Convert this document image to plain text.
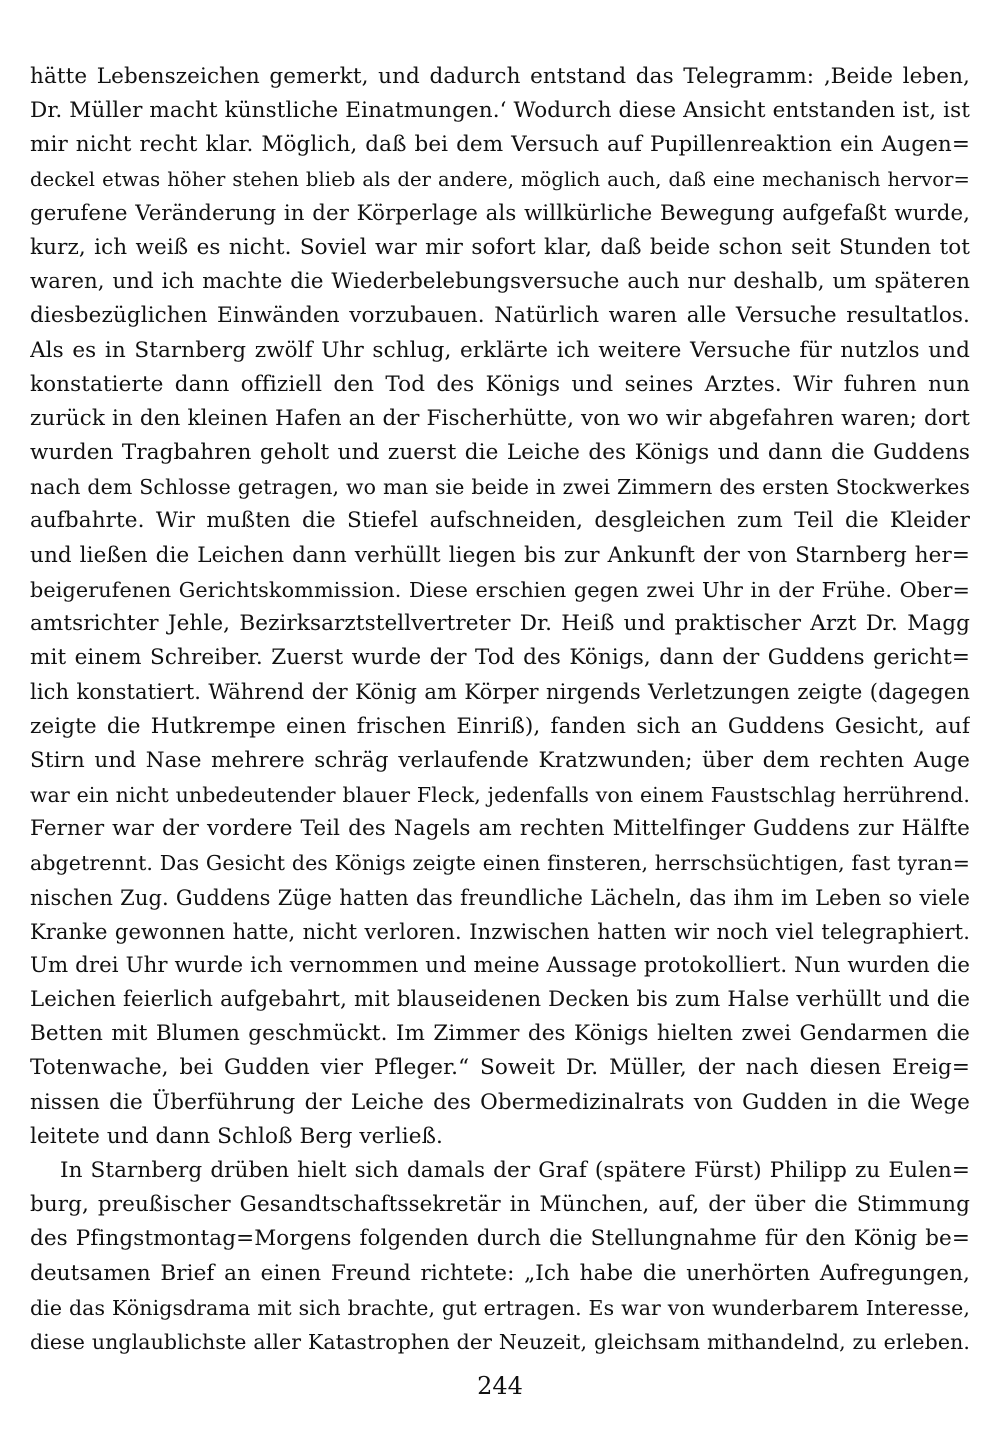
hätte Lebenszeichen gemerkt, und dadurch entstand das Telegramm: ‚Beide leben,
Dr. Müller macht künstliche Einatmungen.‘ Wodurch diese Ansicht entstanden ist, ist
mir nicht recht klar. Möglich, daß bei dem Versuch auf Pupillenreaktion ein Augen=
deckel etwas höher stehen blieb als der andere, möglich auch, daß eine mechanisch hervor=
gerufene Veränderung in der Körperlage als willkürliche Bewegung aufgefaßt wurde,
kurz, ich weiß es nicht. Soviel war mir sofort klar, daß beide schon seit Stunden tot
waren, und ich machte die Wiederbelebungsversuche auch nur deshalb, um späteren
diesbezüglichen Einwänden vorzubauen. Natürlich waren alle Versuche resultatlos.
Als es in Starnberg zwölf Uhr schlug, erklärte ich weitere Versuche für nutzlos und
konstatierte dann offiziell den Tod des Königs und seines Arztes. Wir fuhren nun
zurück in den kleinen Hafen an der Fischerhütte, von wo wir abgefahren waren; dort
wurden Tragbahren geholt und zuerst die Leiche des Königs und dann die Guddens
nach dem Schlosse getragen, wo man sie beide in zwei Zimmern des ersten Stockwerkes
aufbahrte. Wir mußten die Stiefel aufschneiden, desgleichen zum Teil die Kleider
und ließen die Leichen dann verhüllt liegen bis zur Ankunft der von Starnberg her=
beigerufenen Gerichtskommission. Diese erschien gegen zwei Uhr in der Frühe. Ober=
amtsrichter Jehle, Bezirksarztstellvertreter Dr. Heiß und praktischer Arzt Dr. Magg
mit einem Schreiber. Zuerst wurde der Tod des Königs, dann der Guddens gericht=
lich konstatiert. Während der König am Körper nirgends Verletzungen zeigte (dagegen
zeigte die Hutkrempe einen frischen Einriß), fanden sich an Guddens Gesicht, auf
Stirn und Nase mehrere schräg verlaufende Kratzwunden; über dem rechten Auge
war ein nicht unbedeutender blauer Fleck, jedenfalls von einem Faustschlag herrührend.
Ferner war der vordere Teil des Nagels am rechten Mittelfinger Guddens zur Hälfte
abgetrennt. Das Gesicht des Königs zeigte einen finsteren, herrschsüchtigen, fast tyran=
nischen Zug. Guddens Züge hatten das freundliche Lächeln, das ihm im Leben so viele
Kranke gewonnen hatte, nicht verloren. Inzwischen hatten wir noch viel telegraphiert.
Um drei Uhr wurde ich vernommen und meine Aussage protokolliert. Nun wurden die
Leichen feierlich aufgebahrt, mit blauseidenen Decken bis zum Halse verhüllt und die
Betten mit Blumen geschmückt. Im Zimmer des Königs hielten zwei Gendarmen die
Totenwache, bei Gudden vier Pfleger.“ Soweit Dr. Müller, der nach diesen Ereig=
nissen die Überführung der Leiche des Obermedizinalrats von Gudden in die Wege
leitete und dann Schloß Berg verließ.
In Starnberg drüben hielt sich damals der Graf (spätere Fürst) Philipp zu Eulen=
burg, preußischer Gesandtschaftssekretär in München, auf, der über die Stimmung
des Pfingstmontag=Morgens folgenden durch die Stellungnahme für den König be=
deutsamen Brief an einen Freund richtete: „Ich habe die unerhörten Aufregungen,
die das Königsdrama mit sich brachte, gut ertragen. Es war von wunderbarem Interesse,
diese unglaublichste aller Katastrophen der Neuzeit, gleichsam mithandelnd, zu erleben.
244
